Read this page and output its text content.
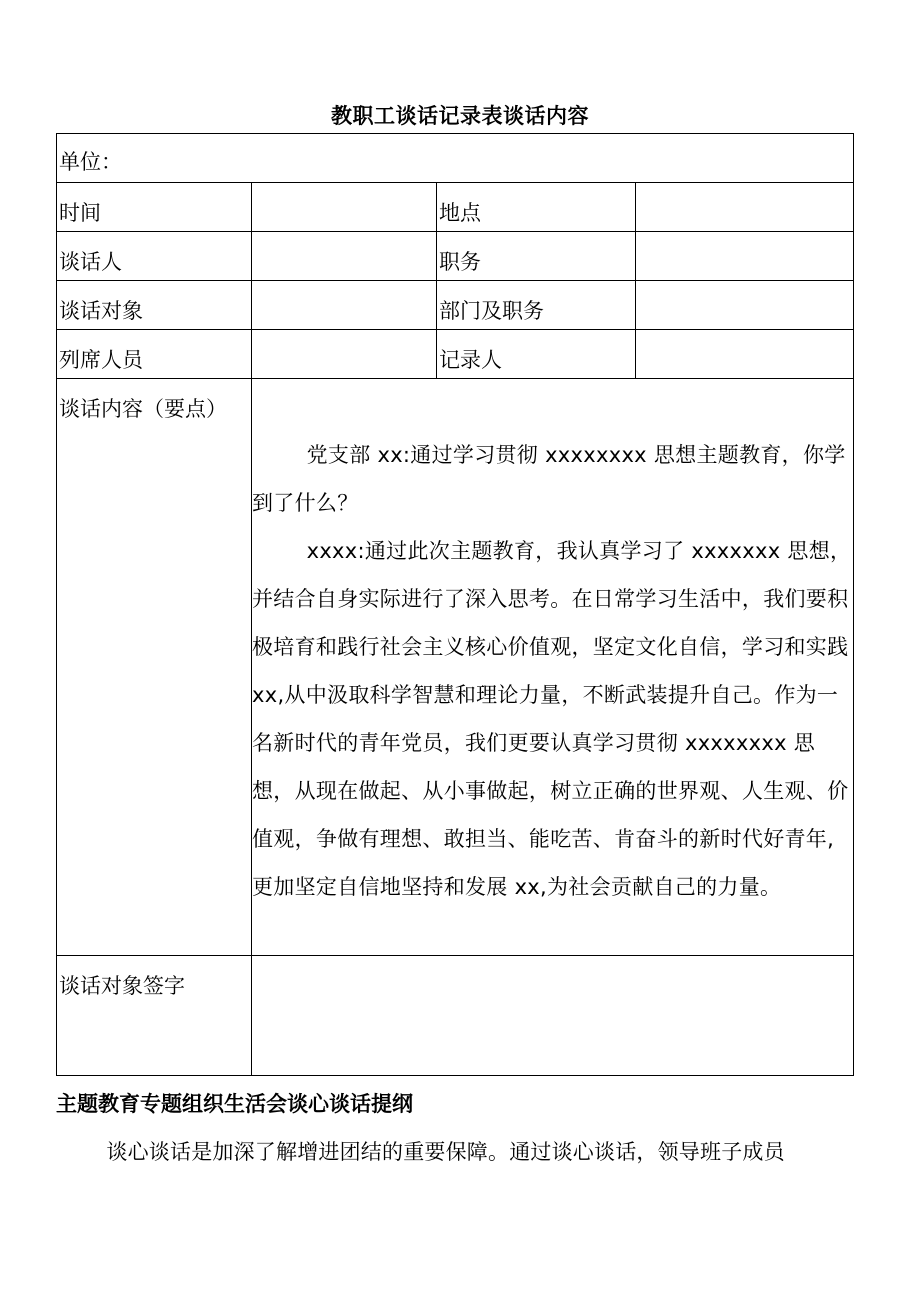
教职工谈话记录表谈话内容
单位：			
时间		地点	
谈话人		职务	
谈话对象		部门及职务	
列席人员		记录人	
谈话内容（要点）	党支部 xx:通过学习贯彻 xxxxxxxx 思想主题教育，你学到了什么？

xxxx:通过此次主题教育，我认真学习了 xxxxxxx 思想，并结合自身实际进行了深入思考。在日常学习生活中，我们要积极培育和践行社会主义核心价值观，坚定文化自信，学习和实践 xx,从中汲取科学智慧和理论力量，不断武装提升自己。作为一名新时代的青年党员，我们更要认真学习贯彻 xxxxxxxx 思想，从现在做起、从小事做起，树立正确的世界观、人生观、价值观，争做有理想、敢担当、能吃苦、肯奋斗的新时代好青年,更加坚定自信地坚持和发展 xx,为社会贡献自己的力量。		

谈话对象签字			
主题教育专题组织生活会谈心谈话提纲
谈心谈话是加深了解增进团结的重要保障。通过谈心谈话，领导班子成员
